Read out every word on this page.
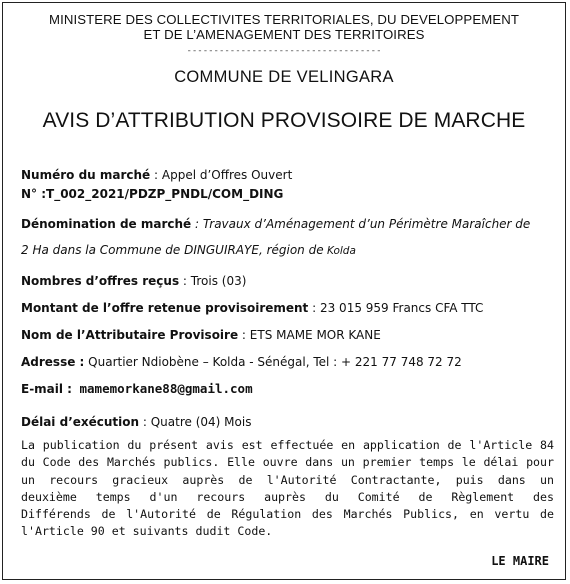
MINISTERE DES COLLECTIVITES TERRITORIALES, DU DEVELOPPEMENT
ET DE L’AMENAGEMENT DES TERRITOIRES
------------------------------------
COMMUNE DE VELINGARA
AVIS D’ATTRIBUTION PROVISOIRE DE MARCHE
Numéro du marché : Appel d’Offres Ouvert
N° :T_002_2021/PDZP_PNDL/COM_DING
Dénomination de marché : Travaux d’Aménagement d’un Périmètre Maraîcher de
2 Ha dans la Commune de DINGUIRAYE, région de Kolda
Nombres d’offres reçus : Trois (03)
Montant de l’offre retenue provisoirement : 23 015 959 Francs CFA TTC
Nom de l’Attributaire Provisoire : ETS MAME MOR KANE
Adresse : Quartier Ndiobène – Kolda - Sénégal, Tel : + 221 77 748 72 72
E-mail : mamemorkane88@gmail.com
Délai d’exécution : Quatre (04) Mois
La publication du présent avis est effectuée en application de l'Article 84
du Code des Marchés publics. Elle ouvre dans un premier temps le délai pour
un recours gracieux auprès de l'Autorité Contractante, puis dans un
deuxième temps d'un recours auprès du Comité de Règlement des
Différends de l'Autorité de Régulation des Marchés Publics, en vertu de
l'Article 90 et suivants dudit Code.
LE MAIRE
